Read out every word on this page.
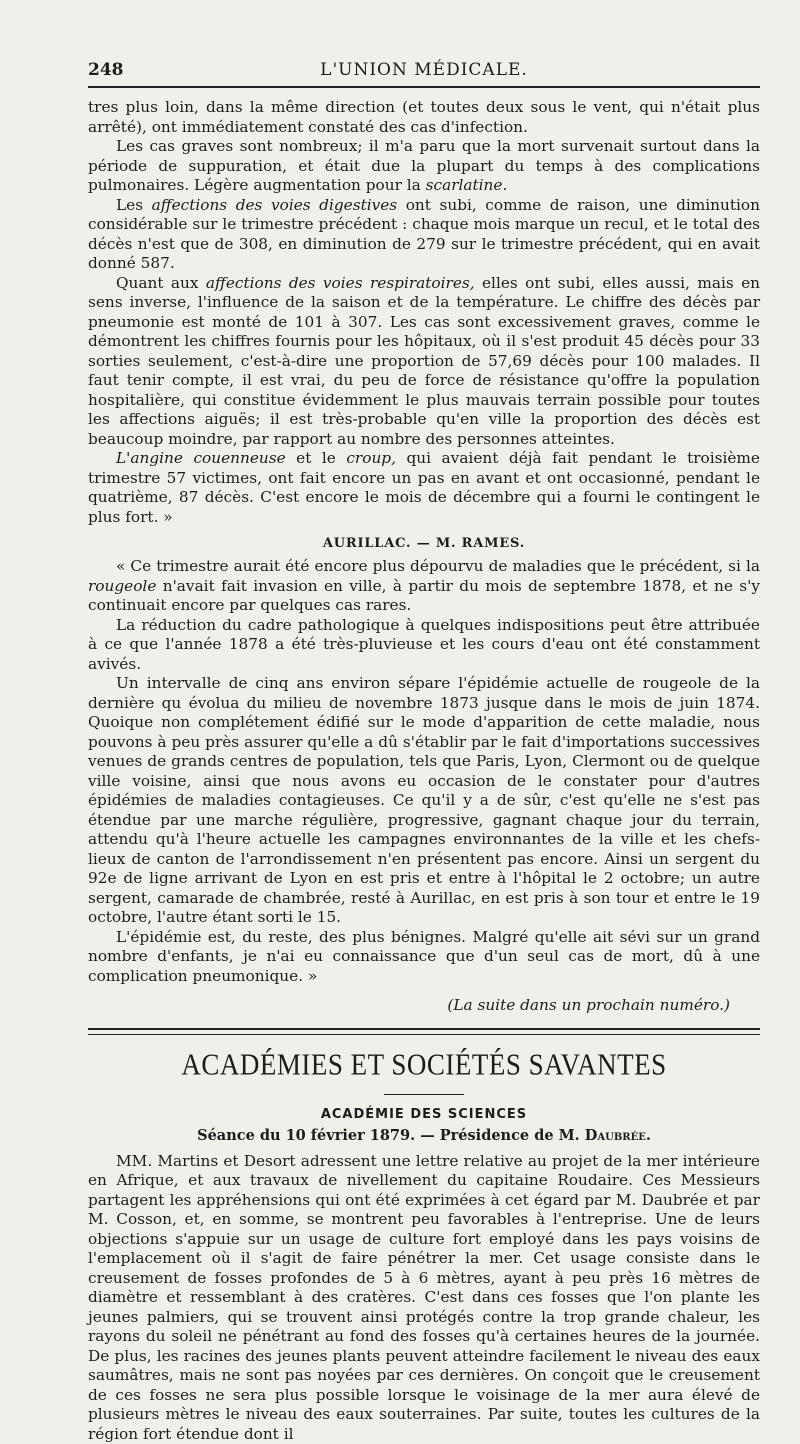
248	L'UNION MÉDICALE.

tres plus loin, dans la même direction (et toutes deux sous le vent, qui n'était plus arrêté), ont immédiatement constaté des cas d'infection.

Les cas graves sont nombreux; il m'a paru que la mort survenait surtout dans la période de suppuration, et était due la plupart du temps à des complications pulmonaires. Légère augmentation pour la scarlatine.

Les affections des voies digestives ont subi, comme de raison, une diminution considérable sur le trimestre précédent : chaque mois marque un recul, et le total des décès n'est que de 308, en diminution de 279 sur le trimestre précédent, qui en avait donné 587.

Quant aux affections des voies respiratoires, elles ont subi, elles aussi, mais en sens inverse, l'influence de la saison et de la température. Le chiffre des décès par pneumonie est monté de 101 à 307. Les cas sont excessivement graves, comme le démontrent les chiffres fournis pour les hôpitaux, où il s'est produit 45 décès pour 33 sorties seulement, c'est-à-dire une proportion de 57,69 décès pour 100 malades. Il faut tenir compte, il est vrai, du peu de force de résistance qu'offre la population hospitalière, qui constitue évidemment le plus mauvais terrain possible pour toutes les affections aiguës; il est très-probable qu'en ville la proportion des décès est beaucoup moindre, par rapport au nombre des personnes atteintes.

L'angine couenneuse et le croup, qui avaient déjà fait pendant le troisième trimestre 57 victimes, ont fait encore un pas en avant et ont occasionné, pendant le quatrième, 87 décès. C'est encore le mois de décembre qui a fourni le contingent le plus fort. »

AURILLAC. — M. RAMES.

« Ce trimestre aurait été encore plus dépourvu de maladies que le précédent, si la rougeole n'avait fait invasion en ville, à partir du mois de septembre 1878, et ne s'y continuait encore par quelques cas rares.

La réduction du cadre pathologique à quelques indispositions peut être attribuée à ce que l'année 1878 a été très-pluvieuse et les cours d'eau ont été constamment avivés.

Un intervalle de cinq ans environ sépare l'épidémie actuelle de rougeole de la dernière qu évolua du milieu de novembre 1873 jusque dans le mois de juin 1874. Quoique non complétement édifié sur le mode d'apparition de cette maladie, nous pouvons à peu près assurer qu'elle a dû s'établir par le fait d'importations successives venues de grands centres de population, tels que Paris, Lyon, Clermont ou de quelque ville voisine, ainsi que nous avons eu occasion de le constater pour d'autres épidémies de maladies contagieuses. Ce qu'il y a de sûr, c'est qu'elle ne s'est pas étendue par une marche régulière, progressive, gagnant chaque jour du terrain, attendu qu'à l'heure actuelle les campagnes environnantes de la ville et les chefs-lieux de canton de l'arrondissement n'en présentent pas encore. Ainsi un sergent du 92e de ligne arrivant de Lyon en est pris et entre à l'hôpital le 2 octobre; un autre sergent, camarade de chambrée, resté à Aurillac, en est pris à son tour et entre le 19 octobre, l'autre étant sorti le 15.

L'épidémie est, du reste, des plus bénignes. Malgré qu'elle ait sévi sur un grand nombre d'enfants, je n'ai eu connaissance que d'un seul cas de mort, dû à une complication pneumonique. »

(La suite dans un prochain numéro.)

ACADÉMIES ET SOCIÉTÉS SAVANTES
ACADÉMIE DES SCIENCES
Séance du 10 février 1879. — Présidence de M. Daubrée.

MM. Martins et Desort adressent une lettre relative au projet de la mer intérieure en Afrique, et aux travaux de nivellement du capitaine Roudaire. Ces Messieurs partagent les appréhensions qui ont été exprimées à cet égard par M. Daubrée et par M. Cosson, et, en somme, se montrent peu favorables à l'entreprise. Une de leurs objections s'appuie sur un usage de culture fort employé dans les pays voisins de l'emplacement où il s'agit de faire pénétrer la mer. Cet usage consiste dans le creusement de fosses profondes de 5 à 6 mètres, ayant à peu près 16 mètres de diamètre et ressemblant à des cratères. C'est dans ces fosses que l'on plante les jeunes palmiers, qui se trouvent ainsi protégés contre la trop grande chaleur, les rayons du soleil ne pénétrant au fond des fosses qu'à certaines heures de la journée. De plus, les racines des jeunes plants peuvent atteindre facilement le niveau des eaux saumâtres, mais ne sont pas noyées par ces dernières. On conçoit que le creusement de ces fosses ne sera plus possible lorsque le voisinage de la mer aura élevé de plusieurs mètres le niveau des eaux souterraines. Par suite, toutes les cultures de la région fort étendue dont il
